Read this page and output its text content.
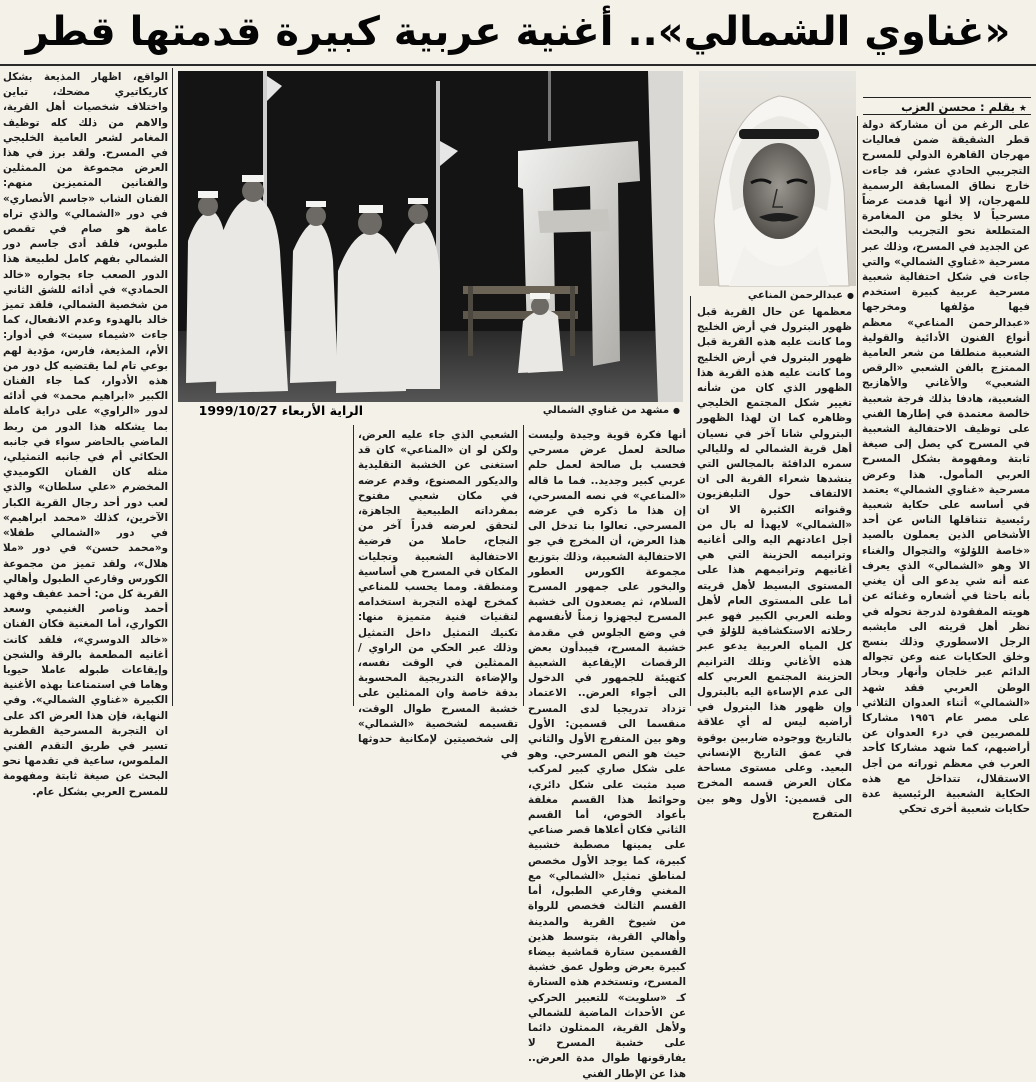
«غناوي الشمالي».. أغنية عربية كبيرة قدمتها قطر
★بقلم : محسن العزب
●عبدالرحمن المناعي
●مشهد من غناوي الشمالي
الراية الأربعاء 1999/10/27

على الرغم من أن مشاركة دولة قطر الشقيقة ضمن فعاليات مهرجان القاهرة الدولي للمسرح التجريبي الحادي عشر، قد جاءت خارج نطاق المسابقة الرسمية للمهرجان، إلا أنها قدمت عرضاً مسرحياً لا يخلو من المغامرة المتطلعة نحو التجريب والبحث عن الجديد في المسرح، وذلك عبر مسرحية «غناوي الشمالي» والتي جاءت في شكل احتفالية شعبية مسرحية عربية كبيرة استخدم فيها مؤلفها ومخرجها «عبدالرحمن المناعي» معظم أنواع الفنون الأدائية والقولية الشعبية منطلقا من شعر العامية الممتزج بالفن الشعبي «الرقص الشعبي» والأغاني والأهازيج الشعبية، هادفا بذلك فرجة شعبية خالصة معتمدة في إطارها الفني على توظيف الاحتفالية الشعبية في المسرح كي يصل إلى صيغة ثابتة ومفهومة بشكل المسرح العربي المأمول. هذا وعرض مسرحية «غناوي الشمالي» يعتمد في أساسه على حكاية شعبية رئيسية تتناقلها الناس عن أحد الأشخاص الذين يعملون بالصيد «خاصة اللؤلؤ» والتجوال والغناء الا وهو «الشمالي» الذي يعرف عنه أنه شي يدعو الى أن يغني بأنه باحثا في أشعاره وغنائه عن هويته المفقودة لدرجة تحوله في نظر أهل قريته الى مايشبه الرجل الاسطوري وذلك بنسج وخلق الحكايات عنه وعن تجواله الدائم عبر خلجان وأنهار وبحار الوطن العربي فقد شهد «الشمالي» أثناء العدوان الثلاثي على مصر عام ١٩٥٦ مشاركا للمصريين في درء العدوان عن أراضيهم، كما شهد مشاركا كأحد العرب في معظم ثوراته من أجل الاستقلال، تتداخل مع هذه الحكاية الشعبية الرئيسية عدة حكايات شعبية أخرى تحكي

معظمها عن حال القرية قبل ظهور البترول في أرض الخليج وما كانت عليه هذه القرية قبل ظهور البترول في أرض الخليج وما كانت عليه هذه القرية هذا الظهور الذي كان من شأنه تغيير شكل المجتمع الخليجي وظاهره كما ان لهذا الظهور البترولي شانا آخر في نسيان أهل قرية الشمالي له ولليالي سمره الدافئة بالمجالس التي ينشدها شعراء القرية الى ان الالتفاف حول التليفزيون وقنواته الكثيرة الا ان «الشمالي» لايهدأ له بال من أجل اعادتهم اليه والى أغانيه وترانيمه الحزينة التي هي أغانيهم وترانيمهم هذا على المستوى البسيط لأهل قريته أما على المستوى العام لأهل وطنه العربي الكبير فهو عبر رحلاته الاستكشافية للؤلؤ في كل المياه العربية يدعو عبر هذه الأغاني وتلك الترانيم الحزينة المجتمع العربي كله الى عدم الإساءة اليه بالبترول وإن ظهور هذا البترول في أراضيه ليس له أي علاقة بالتاريخ ووجوده ضاربين بوقوة في عمق التاريخ الإنساني البعيد. وعلى مستوى مساحة مكان العرض قسمه المخرج الى قسمين: الأول وهو بين المتفرج

أنها فكرة قوية وجيدة وليست صالحة لعمل عرض مسرحي فحسب بل صالحة لعمل حلم عربي كبير وجديد.. فما ما قاله «المناعي» في نصه المسرحي، إن هذا ما ذكره في عرضه المسرحي. تعالوا بنا تدخل الى هذا العرض، أن المخرج في جو الاحتفالية الشعبية، وذلك بتوزيع مجموعة الكورس العطور والبخور على جمهور المسرح السلام، ثم يصعدون الى خشبة المسرح ليجهزوا زمناً لأنفسهم في وضع الجلوس في مقدمة خشبة المسرح، فيبدأون بعض الرقصات الإيقاعية الشعبية كتهيئة للجمهور في الدخول الى أجواء العرض.. الاعتماد تزداد تدريجيا لدى المسرح منقسما الى قسمين: الأول وهو بين المتفرج الأول والثاني حيث هو النص المسرحي. وهو على شكل صاري كبير لمركب صيد مثبت على شكل دائري، وحوائط هذا القسم مغلفة بأعواد الخوص، أما القسم الثاني فكان أعلاها قصر صناعي على يمينها مصطبة خشبية كبيرة، كما يوجد الأول مخصص لمناطق تمثيل «الشمالي» مع المغني وقارعي الطبول، أما القسم الثالث فخصص للرواة من شيوخ القرية والمدينة وأهالي القرية، بتوسط هذين القسمين ستارة قماشية بيضاء كبيرة بعرض وطول عمق خشبة المسرح، وتستخدم هذه الستارة كـ «سلويت» للتعبير الحركي عن الأحداث الماضية للشمالي ولأهل القرية، الممثلون دائما على خشبة المسرح لا يفارقونها طوال مدة العرض.. هذا عن الإطار الفني

الشعبي الذي جاء عليه العرض، ولكن لو ان «المناعي» كان قد استغنى عن الخشبة التقليدية والديكور المصنوع، وقدم عرضه في مكان شعبي مفتوح بمفرداته الطبيعية الجاهزة، لتحقق لعرضه قدراً آخر من النجاح، حاملا من فرضية الاحتفالية الشعبية وتجليات المكان في المسرح هي أساسية ومنطقة. ومما يحسب للمناعي كمخرج لهذه التجربة استخدامه لتقنيات فنية متميزة منها: تكنيك التمثيل داخل التمثيل وذلك عبر الحكي من الراوي / الممثلين في الوقت نفسه، والإضاءة التدريجية المحسوبة بدقة خاصة وان الممثلين على خشبة المسرح طوال الوقت، تقسيمه لشخصية «الشمالي» إلى شخصيتين لإمكانية حدوثها في

الواقع، اظهار المذيعة بشكل كاريكاتيري مضحك، تباين واختلاف شخصيات أهل القرية، والاهم من ذلك كله توظيف المغامر لشعر العامية الخليجي في المسرح. ولقد برز في هذا العرض مجموعة من الممثلين والفنانين المتميزين منهم: الفنان الشاب «جاسم الأنصاري» في دور «الشمالي» والذي تراه عامة هو صام في تقمص ملبوس، فلقد أدى جاسم دور الشمالي بفهم كامل لطبيعة هذا الدور الصعب جاء بجواره «خالد الحمادي» في أدائه للشق الثاني من شخصية الشمالي، فلقد تميز خالد بالهدوء وعدم الانفعال، كما جاءت «شيماء سيت» في أدوار: الأم، المذيعة، فارس، مؤدية لهم بوعي تام لما يقتضيه كل دور من هذه الأدوار، كما جاء الفنان الكبير «ابراهيم محمد» في أدائه لدور «الراوي» على دراية كاملة بما يشكله هذا الدور من ربط الماضي بالحاضر سواء في جانبه الحكائي أم في جانبه التمثيلي، مثله كان الفنان الكوميدي المخضرم «علي سلطان» والذي لعب دور أحد رجال القرية الكبار الآخرين، كذلك «محمد ابراهيم» في دور «الشمالي طفلا» و«محمد حسن» في دور «ملا هلال»، ولقد تميز من مجموعة الكورس وقارعي الطبول وأهالي القرية كل من: أحمد عفيف وفهد أحمد وناصر الغنيمي وسعد الكواري، أما المغنية فكان الفنان «خالد الدوسري»، فلقد كانت أغانيه المطعمة بالرقة والشجن وإيقاعات طبوله عاملا حيويا وهاما في استمتاعنا بهذه الأغنية الكبيرة «غناوي الشمالي». وفي النهاية، فإن هذا العرض اكد على ان التجربة المسرحية القطرية تسير في طريق التقدم الفني الملموس، ساعية في تقدمها نحو البحث عن صيغة ثابتة ومفهومة للمسرح العربي بشكل عام.
